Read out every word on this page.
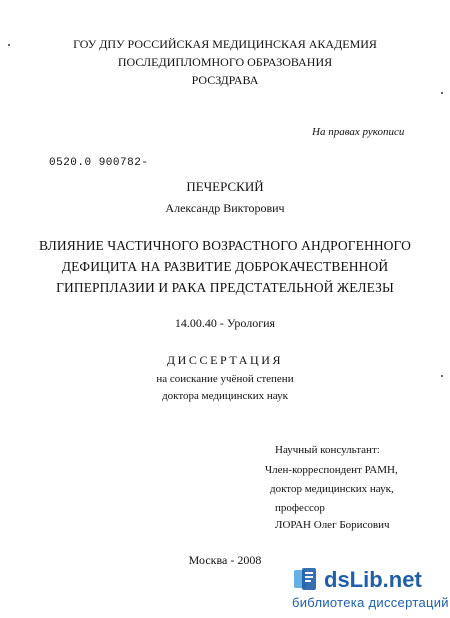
ГОУ ДПУ РОССИЙСКАЯ МЕДИЦИНСКАЯ АКАДЕМИЯ
ПОСЛЕДИПЛОМНОГО ОБРАЗОВАНИЯ
РОСЗДРАВА
На правах рукописи
0520.0 900782-
ПЕЧЕРСКИЙ
Александр Викторович
ВЛИЯНИЕ ЧАСТИЧНОГО ВОЗРАСТНОГО АНДРОГЕННОГО
ДЕФИЦИТА НА РАЗВИТИЕ ДОБРОКАЧЕСТВЕННОЙ
ГИПЕРПЛАЗИИ И РАКА ПРЕДСТАТЕЛЬНОЙ ЖЕЛЕЗЫ
14.00.40 - Урология
ДИССЕРТАЦИЯ
на соискание учёной степени
доктора медицинских наук
Научный консультант:
Член-корреспондент РАМН,
доктор медицинских наук,
профессор
ЛОРАН Олег Борисович
Москва - 2008
dsLib.net
библиотека диссертаций
